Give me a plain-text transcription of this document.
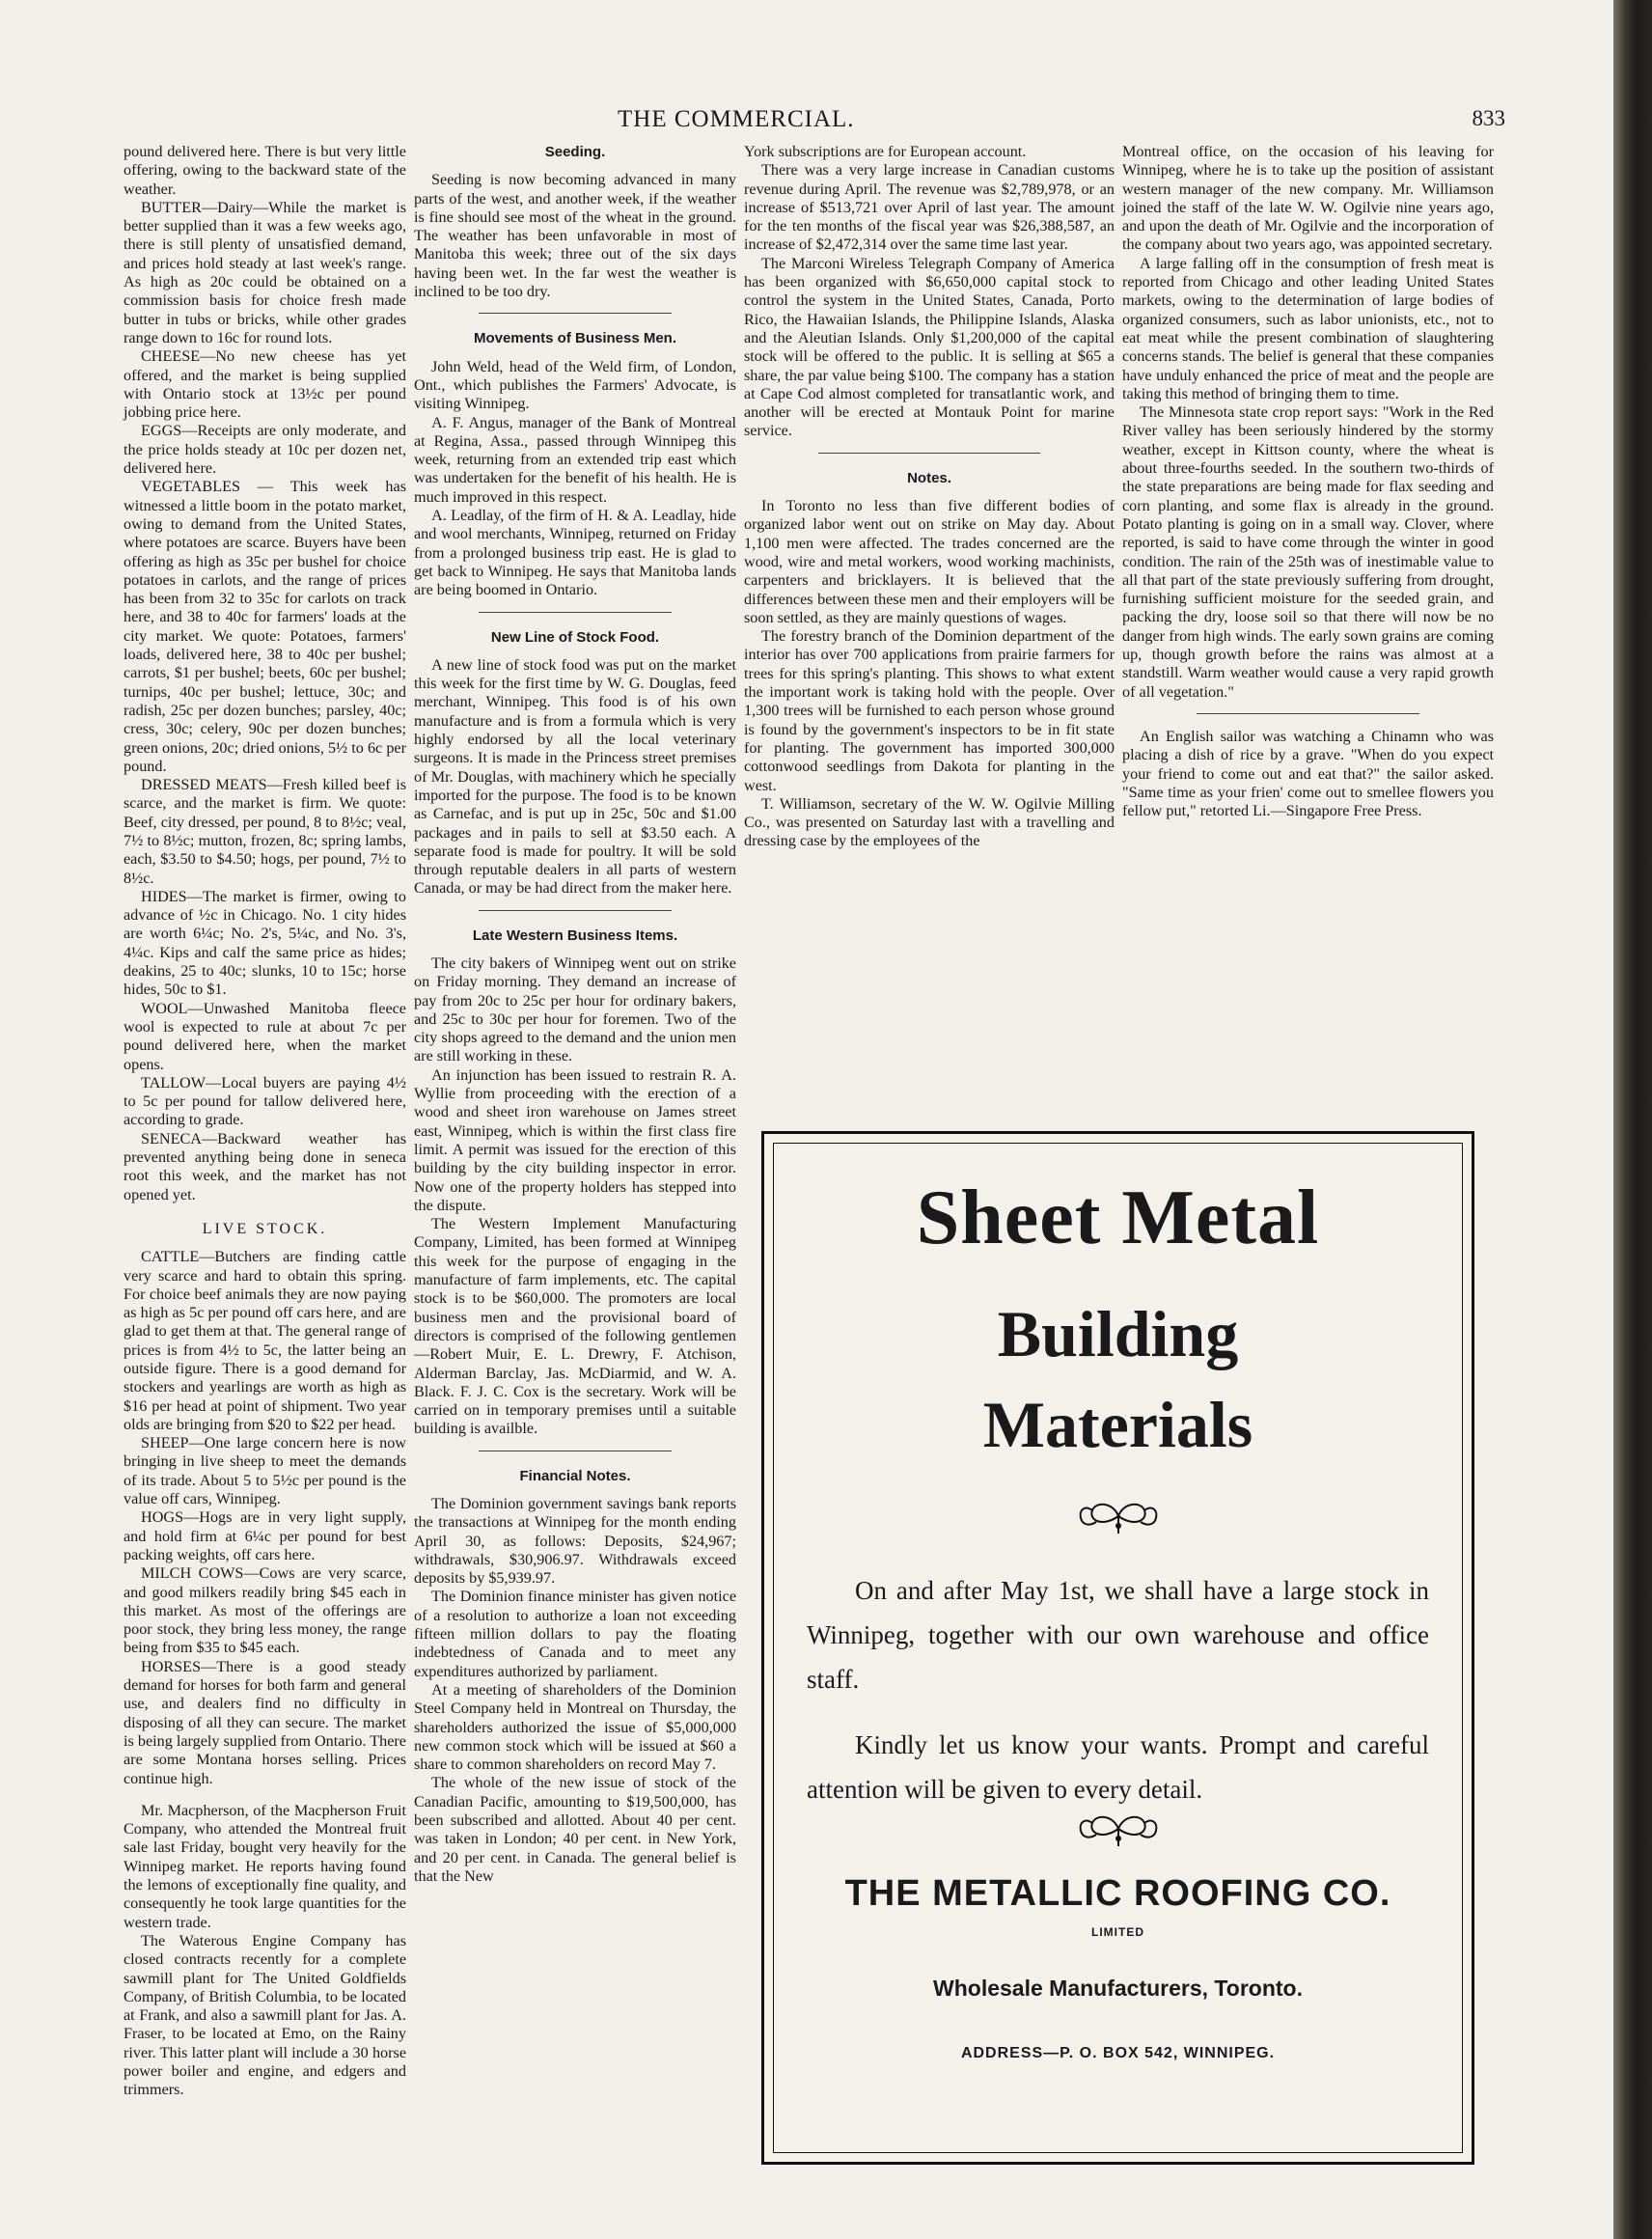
THE COMMERCIAL.	833

pound delivered here. There is but very little offering, owing to the backward state of the weather.

BUTTER—Dairy—While the market is better supplied than it was a few weeks ago, there is still plenty of unsatisfied demand, and prices hold steady at last week's range. As high as 20c could be obtained on a commission basis for choice fresh made butter in tubs or bricks, while other grades range down to 16c for round lots.

CHEESE—No new cheese has yet offered, and the market is being supplied with Ontario stock at 13½c per pound jobbing price here.

EGGS—Receipts are only moderate, and the price holds steady at 10c per dozen net, delivered here.

VEGETABLES — This week has witnessed a little boom in the potato market, owing to demand from the United States, where potatoes are scarce. Buyers have been offering as high as 35c per bushel for choice potatoes in carlots, and the range of prices has been from 32 to 35c for carlots on track here, and 38 to 40c for farmers' loads at the city market. We quote: Potatoes, farmers' loads, delivered here, 38 to 40c per bushel; carrots, $1 per bushel; beets, 60c per bushel; turnips, 40c per bushel; lettuce, 30c; and radish, 25c per dozen bunches; parsley, 40c; cress, 30c; celery, 90c per dozen bunches; green onions, 20c; dried onions, 5½ to 6c per pound.

DRESSED MEATS—Fresh killed beef is scarce, and the market is firm. We quote: Beef, city dressed, per pound, 8 to 8½c; veal, 7½ to 8½c; mutton, frozen, 8c; spring lambs, each, $3.50 to $4.50; hogs, per pound, 7½ to 8½c.

HIDES—The market is firmer, owing to advance of ½c in Chicago. No. 1 city hides are worth 6¼c; No. 2's, 5¼c, and No. 3's, 4¼c. Kips and calf the same price as hides; deakins, 25 to 40c; slunks, 10 to 15c; horse hides, 50c to $1.

WOOL—Unwashed Manitoba fleece wool is expected to rule at about 7c per pound delivered here, when the market opens.

TALLOW—Local buyers are paying 4½ to 5c per pound for tallow delivered here, according to grade.

SENECA—Backward weather has prevented anything being done in seneca root this week, and the market has not opened yet.

LIVE STOCK.

CATTLE—Butchers are finding cattle very scarce and hard to obtain this spring. For choice beef animals they are now paying as high as 5c per pound off cars here, and are glad to get them at that. The general range of prices is from 4½ to 5c, the latter being an outside figure. There is a good demand for stockers and yearlings are worth as high as $16 per head at point of shipment. Two year olds are bringing from $20 to $22 per head.

SHEEP—One large concern here is now bringing in live sheep to meet the demands of its trade. About 5 to 5½c per pound is the value off cars, Winnipeg.

HOGS—Hogs are in very light supply, and hold firm at 6¼c per pound for best packing weights, off cars here.

MILCH COWS—Cows are very scarce, and good milkers readily bring $45 each in this market. As most of the offerings are poor stock, they bring less money, the range being from $35 to $45 each.

HORSES—There is a good steady demand for horses for both farm and general use, and dealers find no difficulty in disposing of all they can secure. The market is being largely supplied from Ontario. There are some Montana horses selling. Prices continue high.

Mr. Macpherson, of the Macpherson Fruit Company, who attended the Montreal fruit sale last Friday, bought very heavily for the Winnipeg market. He reports having found the lemons of exceptionally fine quality, and consequently he took large quantities for the western trade.

The Waterous Engine Company has closed contracts recently for a complete sawmill plant for The United Goldfields Company, of British Columbia, to be located at Frank, and also a sawmill plant for Jas. A. Fraser, to be located at Emo, on the Rainy river. This latter plant will include a 30 horse power boiler and engine, and edgers and trimmers.

Seeding.

Seeding is now becoming advanced in many parts of the west, and another week, if the weather is fine should see most of the wheat in the ground. The weather has been unfavorable in most of Manitoba this week; three out of the six days having been wet. In the far west the weather is inclined to be too dry.

Movements of Business Men.

John Weld, head of the Weld firm, of London, Ont., which publishes the Farmers' Advocate, is visiting Winnipeg.

A. F. Angus, manager of the Bank of Montreal at Regina, Assa., passed through Winnipeg this week, returning from an extended trip east which was undertaken for the benefit of his health. He is much improved in this respect.

A. Leadlay, of the firm of H. & A. Leadlay, hide and wool merchants, Winnipeg, returned on Friday from a prolonged business trip east. He is glad to get back to Winnipeg. He says that Manitoba lands are being boomed in Ontario.

New Line of Stock Food.

A new line of stock food was put on the market this week for the first time by W. G. Douglas, feed merchant, Winnipeg. This food is of his own manufacture and is from a formula which is very highly endorsed by all the local veterinary surgeons. It is made in the Princess street premises of Mr. Douglas, with machinery which he specially imported for the purpose. The food is to be known as Carnefac, and is put up in 25c, 50c and $1.00 packages and in pails to sell at $3.50 each. A separate food is made for poultry. It will be sold through reputable dealers in all parts of western Canada, or may be had direct from the maker here.

Late Western Business Items.

The city bakers of Winnipeg went out on strike on Friday morning. They demand an increase of pay from 20c to 25c per hour for ordinary bakers, and 25c to 30c per hour for foremen. Two of the city shops agreed to the demand and the union men are still working in these.

An injunction has been issued to restrain R. A. Wyllie from proceeding with the erection of a wood and sheet iron warehouse on James street east, Winnipeg, which is within the first class fire limit. A permit was issued for the erection of this building by the city building inspector in error. Now one of the property holders has stepped into the dispute.

The Western Implement Manufacturing Company, Limited, has been formed at Winnipeg this week for the purpose of engaging in the manufacture of farm implements, etc. The capital stock is to be $60,000. The promoters are local business men and the provisional board of directors is comprised of the following gentlemen—Robert Muir, E. L. Drewry, F. Atchison, Alderman Barclay, Jas. McDiarmid, and W. A. Black. F. J. C. Cox is the secretary. Work will be carried on in temporary premises until a suitable building is availble.

Financial Notes.

The Dominion government savings bank reports the transactions at Winnipeg for the month ending April 30, as follows: Deposits, $24,967; withdrawals, $30,906.97. Withdrawals exceed deposits by $5,939.97.

The Dominion finance minister has given notice of a resolution to authorize a loan not exceeding fifteen million dollars to pay the floating indebtedness of Canada and to meet any expenditures authorized by parliament.

At a meeting of shareholders of the Dominion Steel Company held in Montreal on Thursday, the shareholders authorized the issue of $5,000,000 new common stock which will be issued at $60 a share to common shareholders on record May 7.

The whole of the new issue of stock of the Canadian Pacific, amounting to $19,500,000, has been subscribed and allotted. About 40 per cent. was taken in London; 40 per cent. in New York, and 20 per cent. in Canada. The general belief is that the New

York subscriptions are for European account.

There was a very large increase in Canadian customs revenue during April. The revenue was $2,789,978, or an increase of $513,721 over April of last year. The amount for the ten months of the fiscal year was $26,388,587, an increase of $2,472,314 over the same time last year.

The Marconi Wireless Telegraph Company of America has been organized with $6,650,000 capital stock to control the system in the United States, Canada, Porto Rico, the Hawaiian Islands, the Philippine Islands, Alaska and the Aleutian Islands. Only $1,200,000 of the capital stock will be offered to the public. It is selling at $65 a share, the par value being $100. The company has a station at Cape Cod almost completed for transatlantic work, and another will be erected at Montauk Point for marine service.

Notes.

In Toronto no less than five different bodies of organized labor went out on strike on May day. About 1,100 men were affected. The trades concerned are the wood, wire and metal workers, wood working machinists, carpenters and bricklayers. It is believed that the differences between these men and their employers will be soon settled, as they are mainly questions of wages.

The forestry branch of the Dominion department of the interior has over 700 applications from prairie farmers for trees for this spring's planting. This shows to what extent the important work is taking hold with the people. Over 1,300 trees will be furnished to each person whose ground is found by the government's inspectors to be in fit state for planting. The government has imported 300,000 cottonwood seedlings from Dakota for planting in the west.

T. Williamson, secretary of the W. W. Ogilvie Milling Co., was presented on Saturday last with a travelling and dressing case by the employees of the

Montreal office, on the occasion of his leaving for Winnipeg, where he is to take up the position of assistant western manager of the new company. Mr. Williamson joined the staff of the late W. W. Ogilvie nine years ago, and upon the death of Mr. Ogilvie and the incorporation of the company about two years ago, was appointed secretary.

A large falling off in the consumption of fresh meat is reported from Chicago and other leading United States markets, owing to the determination of large bodies of organized consumers, such as labor unionists, etc., not to eat meat while the present combination of slaughtering concerns stands. The belief is general that these companies have unduly enhanced the price of meat and the people are taking this method of bringing them to time.

The Minnesota state crop report says: "Work in the Red River valley has been seriously hindered by the stormy weather, except in Kittson county, where the wheat is about three-fourths seeded. In the southern two-thirds of the state preparations are being made for flax seeding and corn planting, and some flax is already in the ground. Potato planting is going on in a small way. Clover, where reported, is said to have come through the winter in good condition. The rain of the 25th was of inestimable value to all that part of the state previously suffering from drought, furnishing sufficient moisture for the seeded grain, and packing the dry, loose soil so that there will now be no danger from high winds. The early sown grains are coming up, though growth before the rains was almost at a standstill. Warm weather would cause a very rapid growth of all vegetation."

An English sailor was watching a Chinamn who was placing a dish of rice by a grave. "When do you expect your friend to come out and eat that?" the sailor asked. "Same time as your frien' come out to smellee flowers you fellow put," retorted Li.—Singapore Free Press.

Sheet Metal
Building
Materials

On and after May 1st, we shall have a large stock in Winnipeg, together with our own warehouse and office staff.

Kindly let us know your wants. Prompt and careful attention will be given to every detail.

THE METALLIC ROOFING CO.
LIMITED
Wholesale Manufacturers, Toronto.
ADDRESS—P. O. BOX 542, WINNIPEG.
